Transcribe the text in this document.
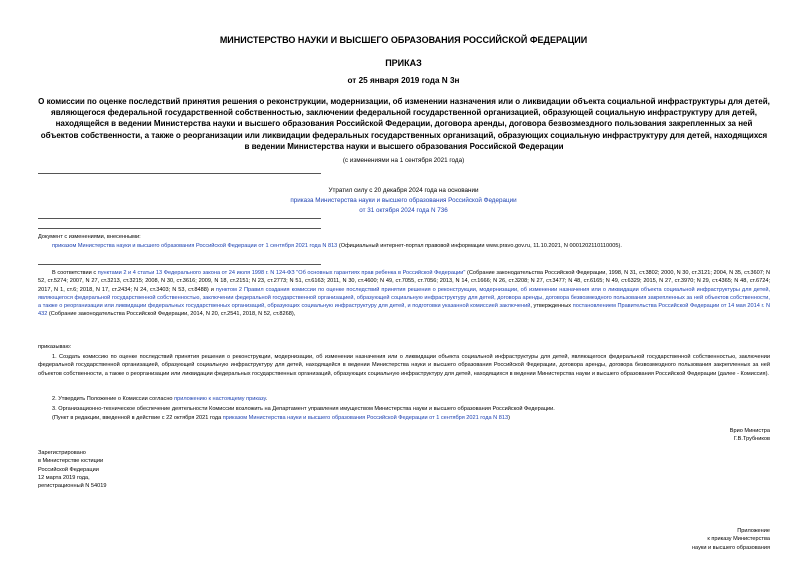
МИНИСТЕРСТВО НАУКИ И ВЫСШЕГО ОБРАЗОВАНИЯ РОССИЙСКОЙ ФЕДЕРАЦИИ
ПРИКАЗ
от 25 января 2019 года N 3н
О комиссии по оценке последствий принятия решения о реконструкции, модернизации, об изменении назначения или о ликвидации объекта социальной инфраструктуры для детей, являющегося федеральной государственной собственностью, заключении федеральной государственной организацией, образующей социальную инфраструктуру для детей, находящейся в ведении Министерства науки и высшего образования Российской Федерации, договора аренды, договора безвозмездного пользования закрепленных за ней объектов собственности, а также о реорганизации или ликвидации федеральных государственных организаций, образующих социальную инфраструктуру для детей, находящихся в ведении Министерства науки и высшего образования Российской Федерации
(с изменениями на 1 сентября 2021 года)
Утратил силу с 20 декабря 2024 года на основании
приказа Министерства науки и высшего образования Российской Федерации
от 31 октября 2024 года N 736
Документ с изменениями, внесенными:
приказом Министерства науки и высшего образования Российской Федерации от 1 сентября 2021 года N 813 (Официальный интернет-портал правовой информации www.pravo.gov.ru, 11.10.2021, N 0001202110110005).
В соответствии с пунктами 2 и 4 статьи 13 Федерального закона от 24 июля 1998 г. N 124-ФЗ "Об основных гарантиях прав ребенка в Российской Федерации" (Собрание законодательства Российской Федерации, 1998, N 31, ст.3802; 2000, N 30, ст.3121; 2004, N 35, ст.3607; N 52, ст.5274; 2007, N 27, ст.3213, ст.3215; 2008, N 30, ст.3616; 2009, N 18, ст.2151; N 23, ст.2773; N 51, ст.6163; 2011, N 30, ст.4600; N 49, ст.7055, ст.7056; 2013, N 14, ст.1666; N 26, ст.3208; N 27, ст.3477; N 48, ст.6165; N 49, ст.6329; 2015, N 27, ст.3970; N 29, ст.4365; N 48, ст.6724; 2017, N 1, ст.6; 2018, N 17, ст.2434; N 24, ст.3403; N 53, ст.8488) и пунктом 2 Правил создания комиссии по оценке последствий принятия решения о реконструкции, модернизации, об изменении назначения или о ликвидации объекта социальной инфраструктуры для детей, являющегося федеральной государственной собственностью, заключении федеральной государственной организацией, образующей социальную инфраструктуру для детей, договора аренды, договора безвозмездного пользования закрепленных за ней объектов собственности, а также о реорганизации или ликвидации федеральных государственных организаций, образующих социальную инфраструктуру для детей, и подготовки указанной комиссией заключений, утвержденных постановлением Правительства Российской Федерации от 14 мая 2014 г. N 432 (Собрание законодательства Российской Федерации, 2014, N 20, ст.2541, 2018, N 52, ст.8268),
приказываю:
1. Создать комиссию по оценке последствий принятия решения о реконструкции, модернизации, об изменении назначения или о ликвидации объекта социальной инфраструктуры для детей, являющегося федеральной государственной собственностью, заключении федеральной государственной организацией, образующей социальную инфраструктуру для детей, находящейся в ведении Министерства науки и высшего образования Российской Федерации, договора аренды, договора безвозмездного пользования закрепленных за ней объектов собственности, а также о реорганизации или ликвидации федеральных государственных организаций, образующих социальную инфраструктуру для детей, находящихся в ведении Министерства науки и высшего образования Российской Федерации (далее - Комиссия).
2. Утвердить Положение о Комиссии согласно приложению к настоящему приказу.
3. Организационно-техническое обеспечение деятельности Комиссии возложить на Департамент управления имуществом Министерства науки и высшего образования Российской Федерации.
(Пункт в редакции, введенной в действие с 22 октября 2021 года приказом Министерства науки и высшего образования Российской Федерации от 1 сентября 2021 года N 813)
Врио Министра
Г.В.Трубников
Зарегистрировано
в Министерстве юстиции
Российской Федерации
12 марта 2019 года,
регистрационный N 54019
Приложение
к приказу Министерства
науки и высшего образования
